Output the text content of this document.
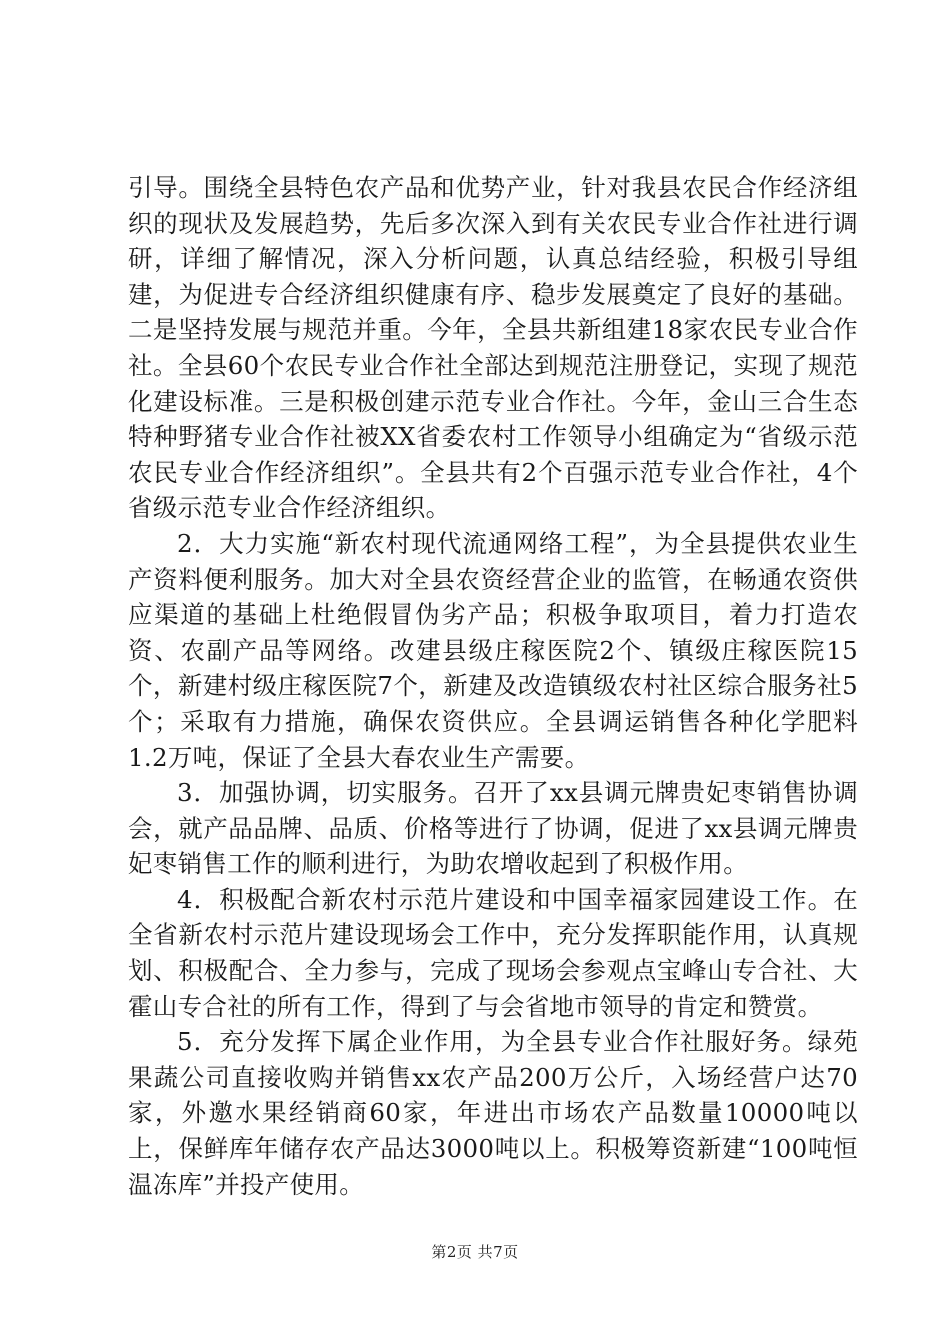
引导。围绕全县特色农产品和优势产业，针对我县农民合作经济组织的现状及发展趋势，先后多次深入到有关农民专业合作社进行调研，详细了解情况，深入分析问题，认真总结经验，积极引导组建，为促进专合经济组织健康有序、稳步发展奠定了良好的基础。二是坚持发展与规范并重。今年，全县共新组建18家农民专业合作社。全县60个农民专业合作社全部达到规范注册登记，实现了规范化建设标准。三是积极创建示范专业合作社。今年，金山三合生态特种野猪专业合作社被XX省委农村工作领导小组确定为“省级示范农民专业合作经济组织”。全县共有2个百强示范专业合作社，4个省级示范专业合作经济组织。

2．大力实施“新农村现代流通网络工程”，为全县提供农业生产资料便利服务。加大对全县农资经营企业的监管，在畅通农资供应渠道的基础上杜绝假冒伪劣产品；积极争取项目，着力打造农资、农副产品等网络。改建县级庄稼医院2个、镇级庄稼医院15个，新建村级庄稼医院7个，新建及改造镇级农村社区综合服务社5个；采取有力措施，确保农资供应。全县调运销售各种化学肥料1.2万吨，保证了全县大春农业生产需要。

3．加强协调，切实服务。召开了xx县调元牌贵妃枣销售协调会，就产品品牌、品质、价格等进行了协调，促进了xx县调元牌贵妃枣销售工作的顺利进行，为助农增收起到了积极作用。

4．积极配合新农村示范片建设和中国幸福家园建设工作。在全省新农村示范片建设现场会工作中，充分发挥职能作用，认真规划、积极配合、全力参与，完成了现场会参观点宝峰山专合社、大霍山专合社的所有工作，得到了与会省地市领导的肯定和赞赏。

5．充分发挥下属企业作用，为全县专业合作社服好务。绿苑果蔬公司直接收购并销售xx农产品200万公斤，入场经营户达70家，外邀水果经销商60家，年进出市场农产品数量10000吨以上，保鲜库年储存农产品达3000吨以上。积极筹资新建“100吨恒温冻库”并投产使用。

第2页 共7页
